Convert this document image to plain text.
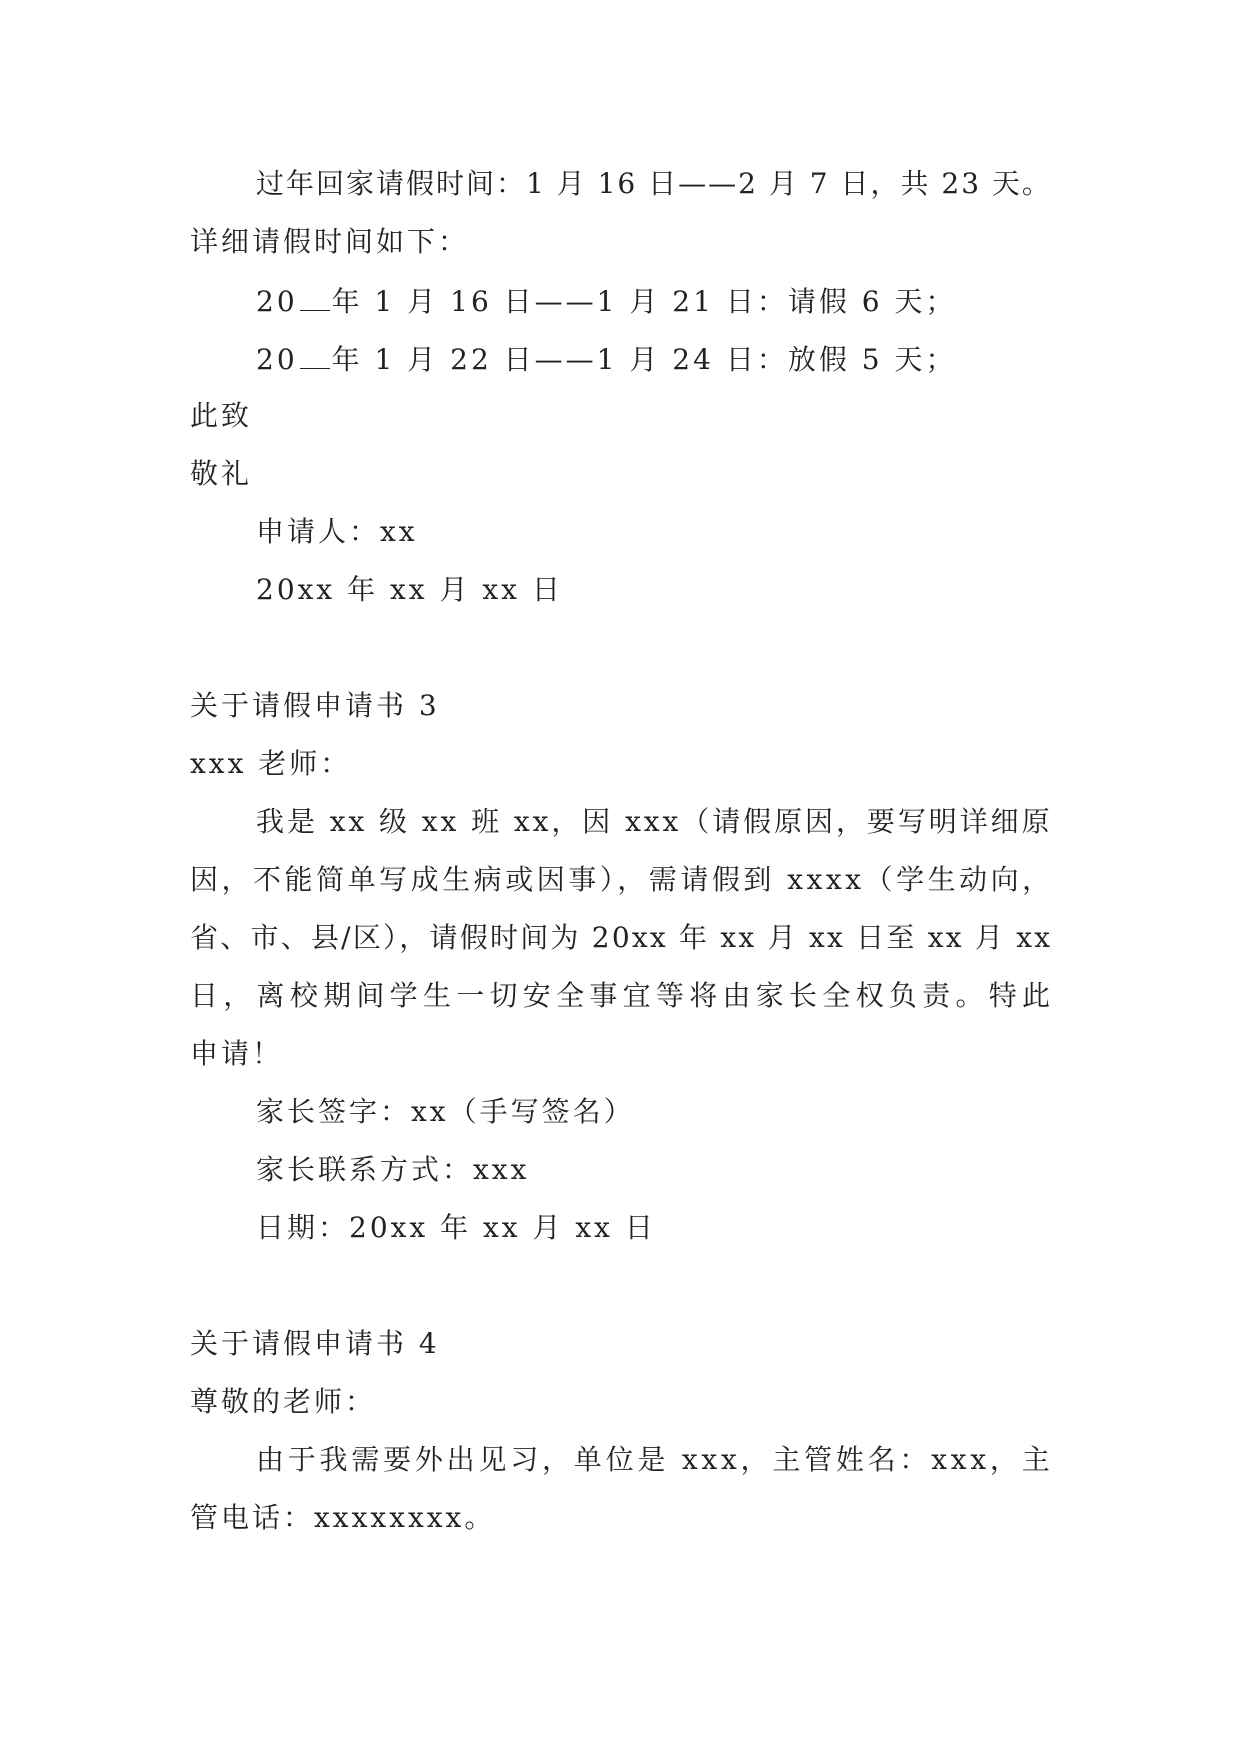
过年回家请假时间：1 月 16 日——2 月 7 日，共 23 天。
详细请假时间如下：
20 年 1 月 16 日——1 月 21 日：请假 6 天；
20 年 1 月 22 日——1 月 24 日：放假 5 天；
此致
敬礼
申请人：xx
20xx 年 xx 月 xx 日
关于请假申请书 3
xxx 老师：
我是 xx 级 xx 班 xx，因 xxx（请假原因，要写明详细原
因，不能简单写成生病或因事），需请假到 xxxx（学生动向，
省、市、县/区），请假时间为 20xx 年 xx 月 xx 日至 xx 月 xx
日，离校期间学生一切安全事宜等将由家长全权负责。特此
申请！
家长签字：xx（手写签名）
家长联系方式：xxx
日期：20xx 年 xx 月 xx 日
关于请假申请书 4
尊敬的老师：
由于我需要外出见习，单位是 xxx，主管姓名：xxx，主
管电话：xxxxxxxx。
